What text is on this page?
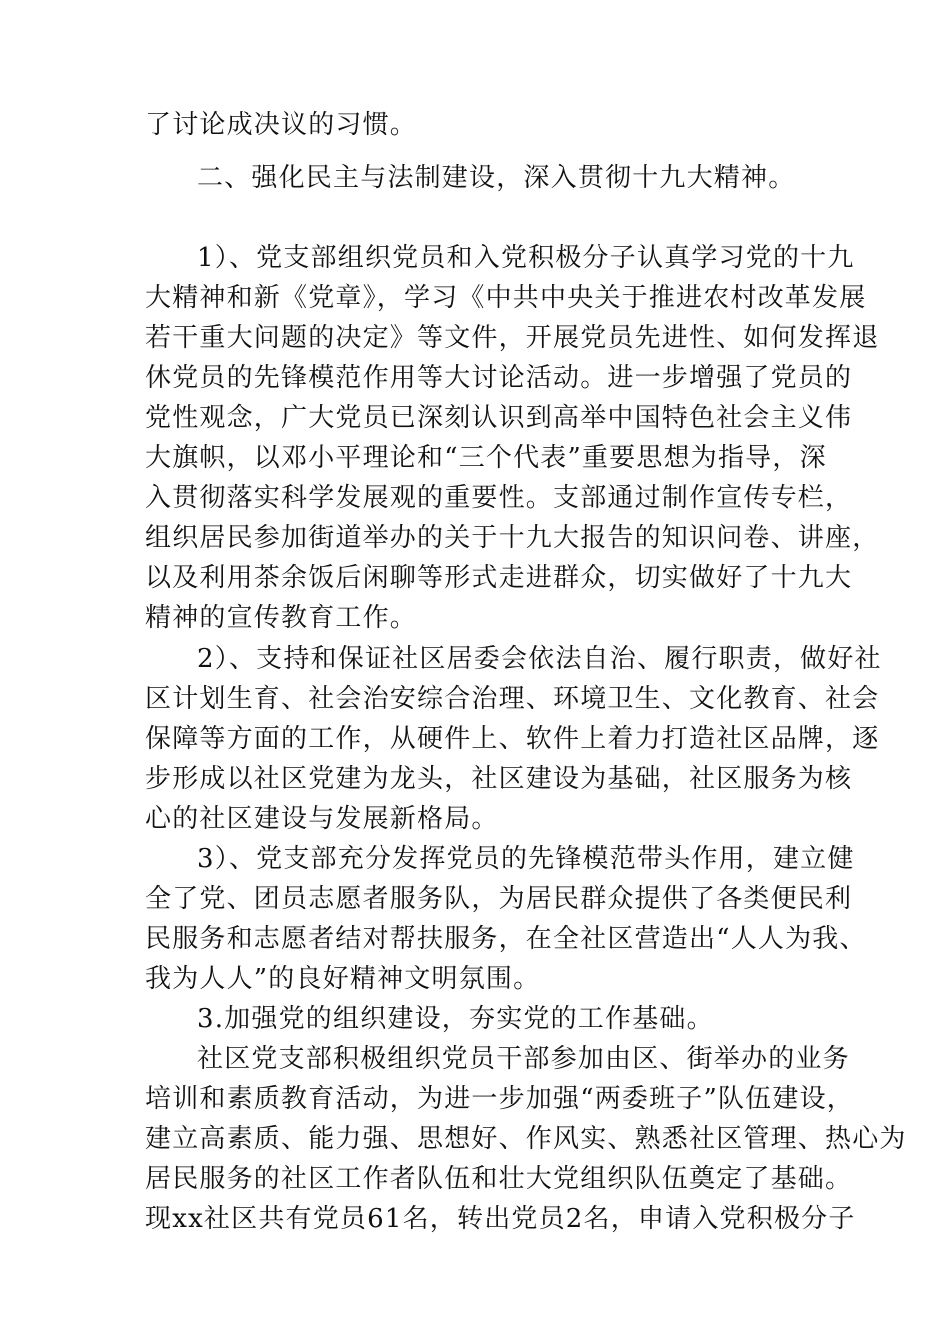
了讨论成决议的习惯。
二、强化民主与法制建设，深入贯彻十九大精神。
1）、党支部组织党员和入党积极分子认真学习党的十九
大精神和新《党章》，学习《中共中央关于推进农村改革发展
若干重大问题的决定》等文件，开展党员先进性、如何发挥退
休党员的先锋模范作用等大讨论活动。进一步增强了党员的
党性观念，广大党员已深刻认识到高举中国特色社会主义伟
大旗帜，以邓小平理论和“三个代表”重要思想为指导，深
入贯彻落实科学发展观的重要性。支部通过制作宣传专栏，
组织居民参加街道举办的关于十九大报告的知识问卷、讲座，
以及利用茶余饭后闲聊等形式走进群众，切实做好了十九大
精神的宣传教育工作。
2）、支持和保证社区居委会依法自治、履行职责，做好社
区计划生育、社会治安综合治理、环境卫生、文化教育、社会
保障等方面的工作，从硬件上、软件上着力打造社区品牌，逐
步形成以社区党建为龙头，社区建设为基础，社区服务为核
心的社区建设与发展新格局。
3）、党支部充分发挥党员的先锋模范带头作用，建立健
全了党、团员志愿者服务队，为居民群众提供了各类便民利
民服务和志愿者结对帮扶服务，在全社区营造出“人人为我、
我为人人”的良好精神文明氛围。
3.加强党的组织建设，夯实党的工作基础。
社区党支部积极组织党员干部参加由区、街举办的业务
培训和素质教育活动，为进一步加强“两委班子”队伍建设，
建立高素质、能力强、思想好、作风实、熟悉社区管理、热心为
居民服务的社区工作者队伍和壮大党组织队伍奠定了基础。
现xx社区共有党员61名，转出党员2名，申请入党积极分子
